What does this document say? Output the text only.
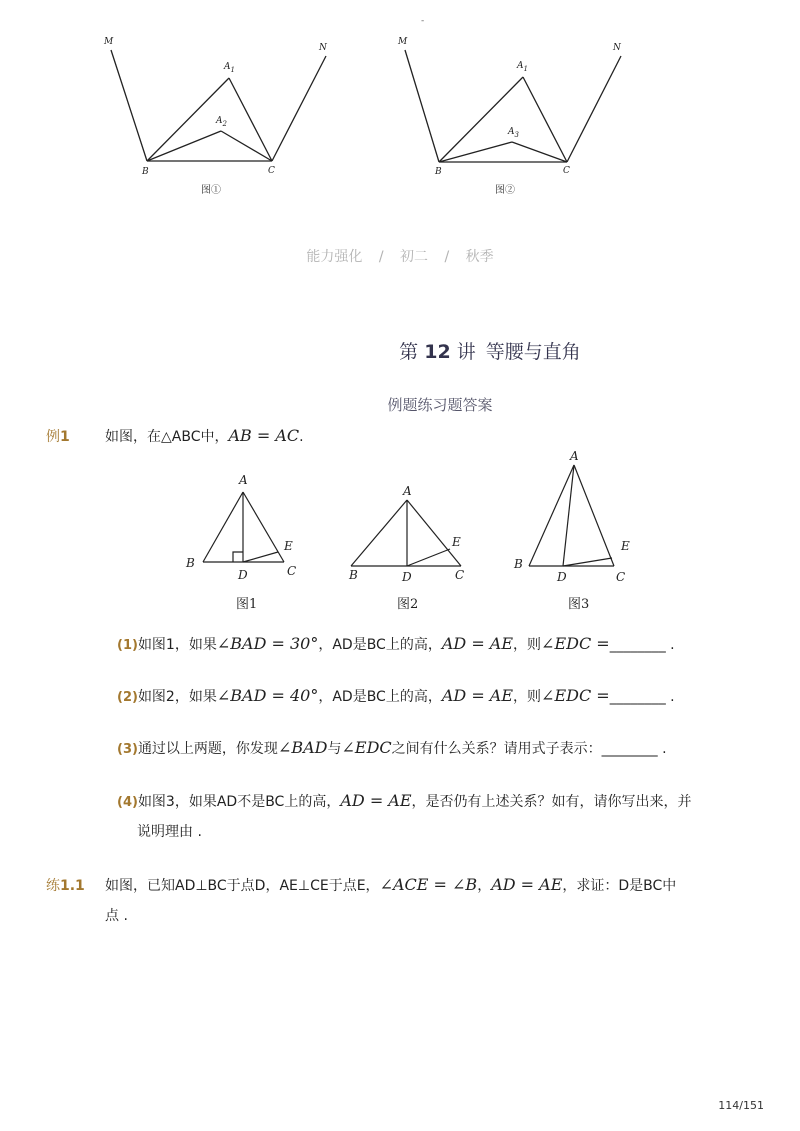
M
N
$A_1$
$A_2$
B	C
图①
M
N
$A_1$
$A_3$
B	C
图②
-
能力强化 / 初二 / 秋季
第 12 讲 等腰与直角
例题练习题答案
例1	如图，在△ABC中，AB = AC.
A
B
D
E
C
图1
A
B	D
E
C
图2
A
B
D
E
C
图3
(1)如图1，如果∠BAD = 30°，AD是BC上的高，AD = AE，则∠EDC =________ .
(2)如图2，如果∠BAD = 40°，AD是BC上的高，AD = AE，则∠EDC =________ .
(3)通过以上两题，你发现∠BAD与∠EDC之间有什么关系？请用式子表示：________ .
(4)如图3，如果AD不是BC上的高，AD = AE，是否仍有上述关系？如有，请你写出来，并
说明理由 .
练1.1 如图，已知AD⊥BC于点D，AE⊥CE于点E，∠ACE = ∠B，AD = AE，求证：D是BC中
点 .
114/151
